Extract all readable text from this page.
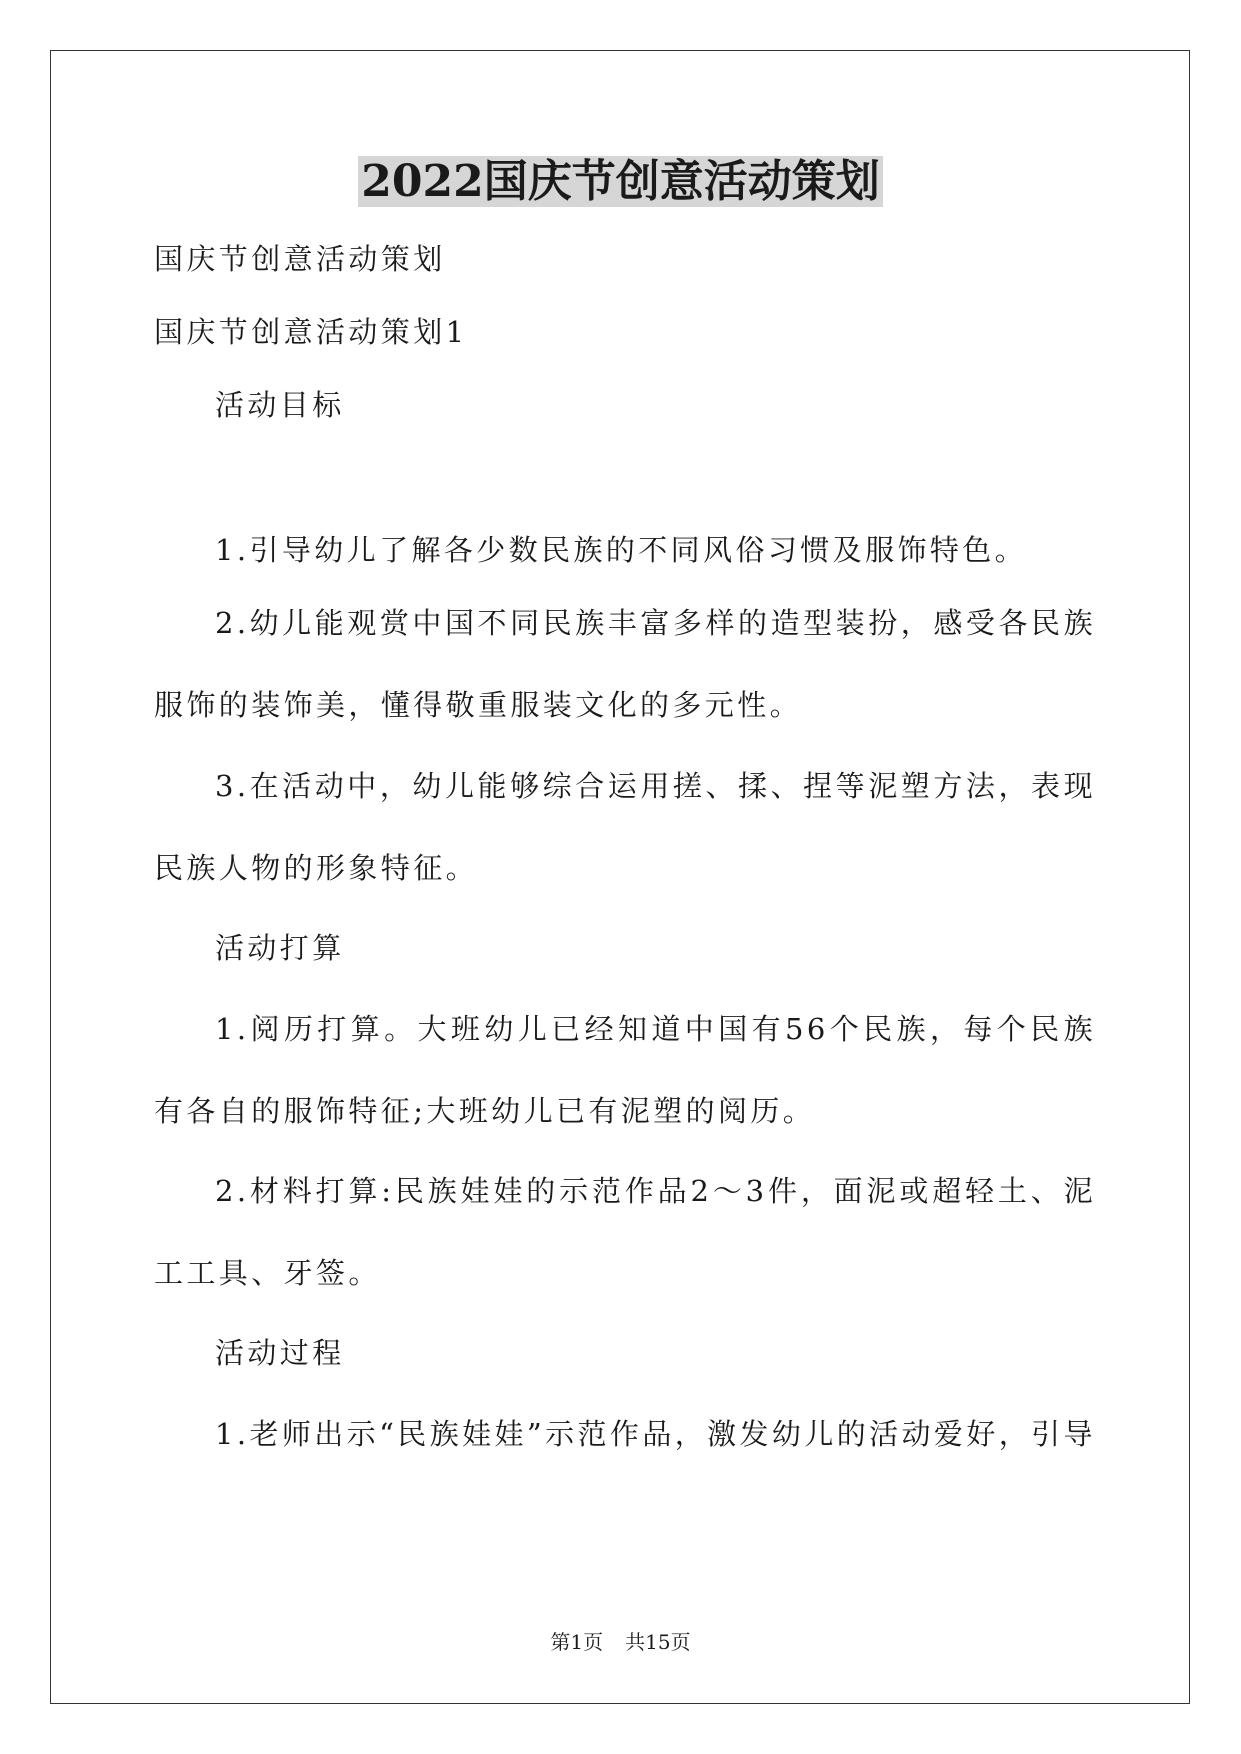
2022国庆节创意活动策划

国庆节创意活动策划

国庆节创意活动策划1

活动目标

1.引导幼儿了解各少数民族的不同风俗习惯及服饰特色。

2.幼儿能观赏中国不同民族丰富多样的造型装扮，感受各民族服饰的装饰美，懂得敬重服装文化的多元性。

3.在活动中，幼儿能够综合运用搓、揉、捏等泥塑方法，表现民族人物的形象特征。

活动打算

1.阅历打算。大班幼儿已经知道中国有56个民族，每个民族有各自的服饰特征;大班幼儿已有泥塑的阅历。

2.材料打算:民族娃娃的示范作品2～3件，面泥或超轻土、泥工工具、牙签。

活动过程

1.老师出示“民族娃娃”示范作品，激发幼儿的活动爱好，引导

第1页 共15页
